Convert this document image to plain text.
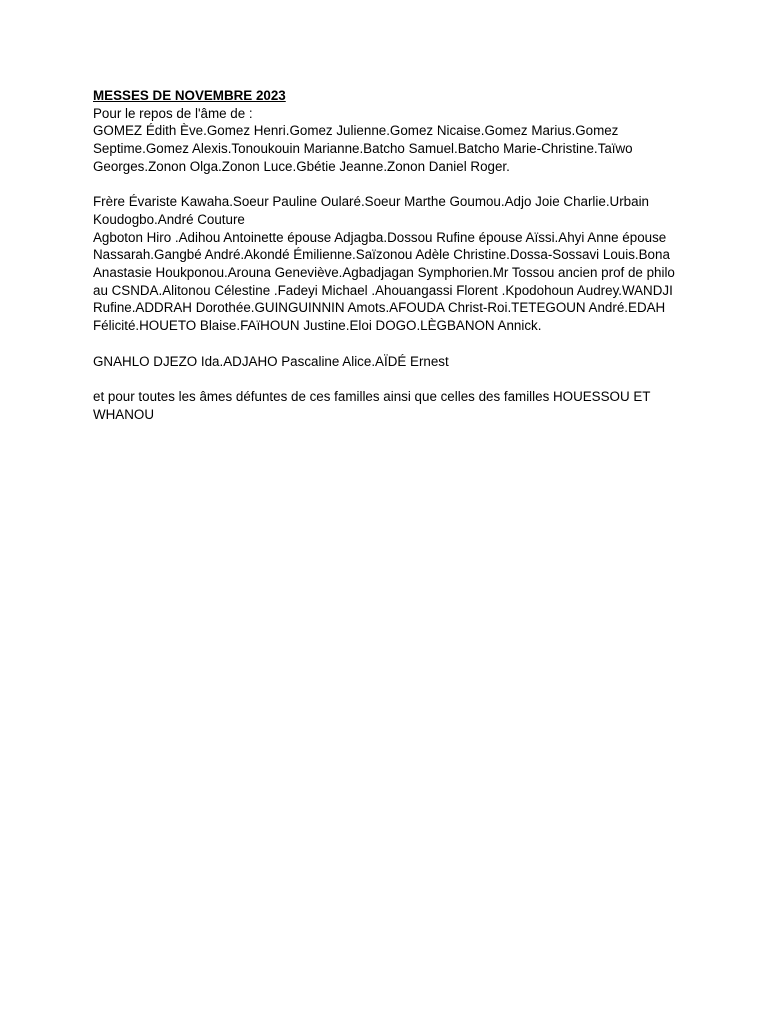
MESSES DE NOVEMBRE 2023

Pour le repos de l'âme de :

GOMEZ Édith Ève.Gomez Henri.Gomez Julienne.Gomez Nicaise.Gomez Marius.Gomez Septime.Gomez Alexis.Tonoukouin Marianne.Batcho Samuel.Batcho Marie-Christine.Taïwo Georges.Zonon Olga.Zonon Luce.Gbétie Jeanne.Zonon Daniel Roger.

Frère Évariste Kawaha.Soeur Pauline Oularé.Soeur Marthe Goumou.Adjo Joie Charlie.Urbain Koudogbo.André Couture

Agboton Hiro .Adihou Antoinette épouse Adjagba.Dossou Rufine épouse Aïssi.Ahyi Anne épouse Nassarah.Gangbé André.Akondé Émilienne.Saïzonou Adèle Christine.Dossa-Sossavi Louis.Bona Anastasie Houkponou.Arouna Geneviève.Agbadjagan Symphorien.Mr Tossou ancien prof de philo au CSNDA.Alitonou Célestine .Fadeyi Michael .Ahouangassi Florent .Kpodohoun Audrey.WANDJI Rufine.ADDRAH Dorothée.GUINGUINNIN Amots.AFOUDA Christ-Roi.TETEGOUN André.EDAH Félicité.HOUETO Blaise.FAïHOUN Justine.Eloi DOGO.LÈGBANON Annick.

GNAHLO DJEZO Ida.ADJAHO Pascaline Alice.AÏDÉ Ernest

et pour toutes les âmes défuntes de ces familles ainsi que celles des familles HOUESSOU ET WHANOU
